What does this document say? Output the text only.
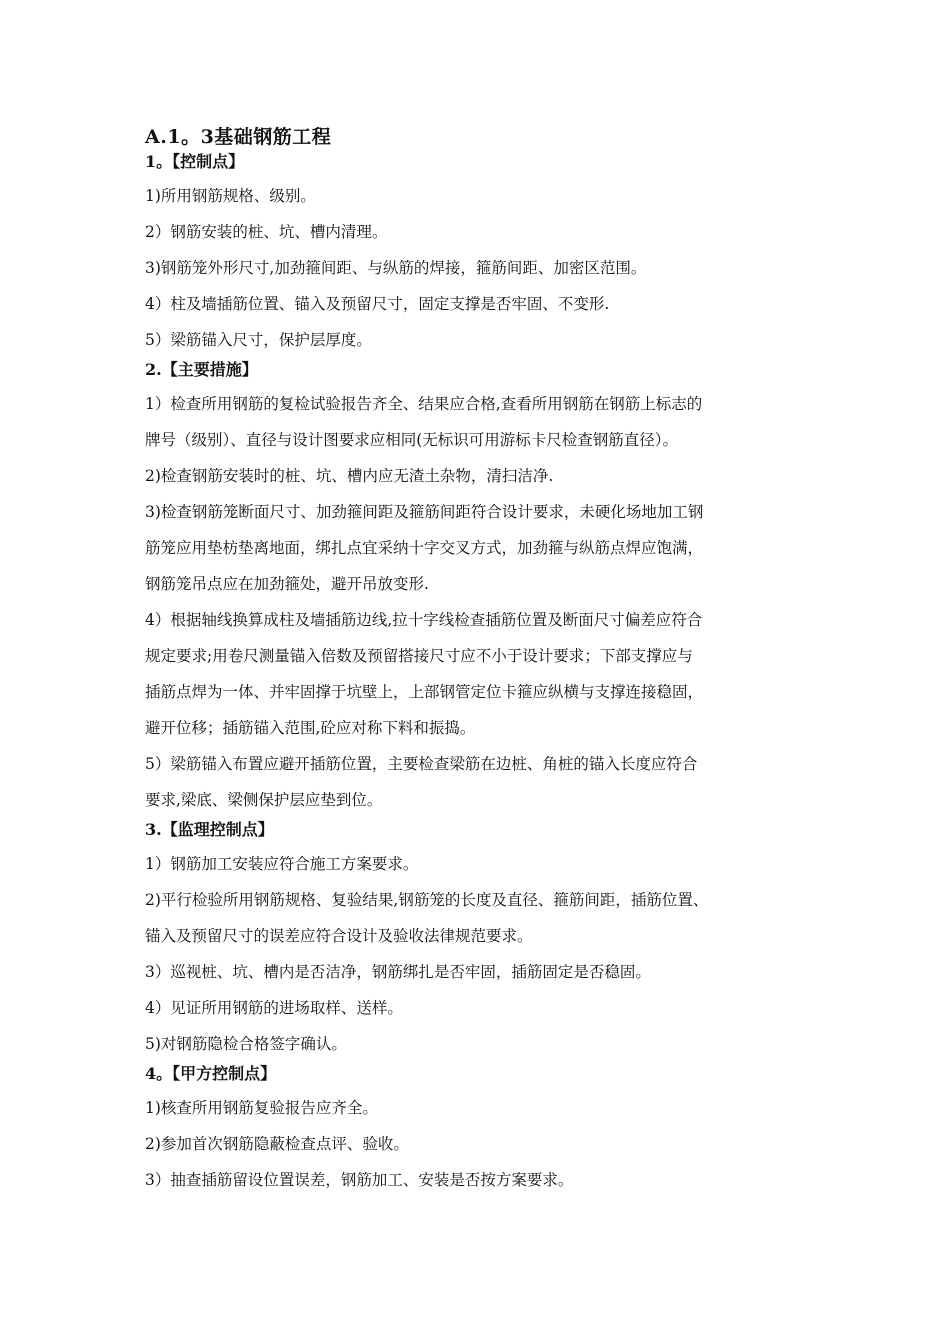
A.1。3基础钢筋工程
1。【控制点】

1)所用钢筋规格、级别。

2）钢筋安装的桩、坑、槽内清理。

3)钢筋笼外形尺寸,加劲箍间距、与纵筋的焊接，箍筋间距、加密区范围。

4）柱及墙插筋位置、锚入及预留尺寸，固定支撑是否牢固、不变形.

5）梁筋锚入尺寸，保护层厚度。

2.【主要措施】

1）检查所用钢筋的复检试验报告齐全、结果应合格,查看所用钢筋在钢筋上标志的

牌号（级别）、直径与设计图要求应相同(无标识可用游标卡尺检查钢筋直径）。

2)检查钢筋安装时的桩、坑、槽内应无渣土杂物，清扫洁净.

3)检查钢筋笼断面尺寸、加劲箍间距及箍筋间距符合设计要求，未硬化场地加工钢

筋笼应用垫枋垫离地面，绑扎点宜采纳十字交叉方式，加劲箍与纵筋点焊应饱满，

钢筋笼吊点应在加劲箍处，避开吊放变形.

4）根据轴线换算成柱及墙插筋边线,拉十字线检查插筋位置及断面尺寸偏差应符合

规定要求;用卷尺测量锚入倍数及预留搭接尺寸应不小于设计要求；下部支撑应与

插筋点焊为一体、并牢固撑于坑壁上，上部钢管定位卡箍应纵横与支撑连接稳固，

避开位移；插筋锚入范围,砼应对称下料和振捣。

5）梁筋锚入布置应避开插筋位置，主要检查梁筋在边桩、角桩的锚入长度应符合

要求,梁底、梁侧保护层应垫到位。

3.【监理控制点】

1）钢筋加工安装应符合施工方案要求。

2)平行检验所用钢筋规格、复验结果,钢筋笼的长度及直径、箍筋间距，插筋位置、

锚入及预留尺寸的误差应符合设计及验收法律规范要求。

3）巡视桩、坑、槽内是否洁净，钢筋绑扎是否牢固，插筋固定是否稳固。

4）见证所用钢筋的进场取样、送样。

5)对钢筋隐检合格签字确认。

4。【甲方控制点】

1)核查所用钢筋复验报告应齐全。

2)参加首次钢筋隐蔽检查点评、验收。

3）抽查插筋留设位置误差，钢筋加工、安装是否按方案要求。
